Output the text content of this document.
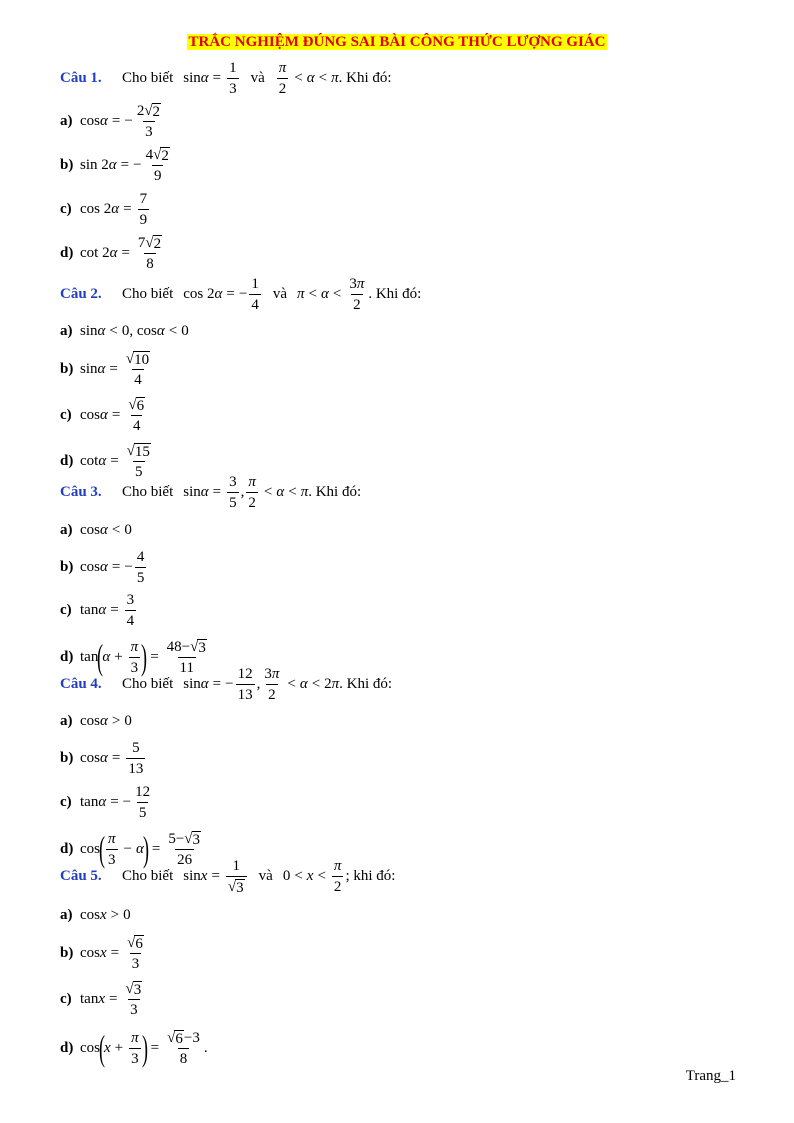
TRẮC NGHIỆM ĐÚNG SAI BÀI CÔNG THỨC LƯỢNG GIÁC
Câu 1.	Cho biết $\sin \alpha = \frac{1}{3}$ và $\frac{\pi}{2} < \alpha < \pi$ . Khi đó:
a) cos α = − $\frac{2 √ 2}{3}$
b) sin 2 α = − $\frac{4 √ 2}{9}$
c) cos 2 $\alpha = \frac{7}{9}$
d) cot 2 $\alpha = \frac{7 √ 2}{8}$
Câu 2.	Cho biết cos 2 α = − $\frac{1}{4}$ và $\pi < \alpha < \frac{3\pi}{2}$ . Khi đó:
a) sin α < 0, cos α < 0
b) $\sin \alpha = \frac{√ 10}{4}$
c) $\cos \alpha = \frac{√ 6}{4}$
d) $\cot \alpha = \frac{√ 15}{5}$
Câu 3.	Cho biết $\sin \alpha = \frac{3}{5}$ , $\frac{\pi}{2} < \alpha < \pi$ . Khi đó:
a) cos α < 0
b) cos α = − $\frac{4}{5}$
c) $\tan \alpha = \frac{3}{4}$
d) tan ( $\alpha + \frac{\pi}{3}$ ) = $\frac{48- √ 3}{11}$
Câu 4.	Cho biết sin α = − $\frac{12}{13}$ , $\frac{3\pi}{2} < \alpha < 2$ π . Khi đó:
a) cos α > 0
b) $\cos \alpha = \frac{5}{13}$
c) tan α = − $\frac{12}{5}$
d) cos ( $\frac{\pi}{3} - \alpha$ ) = $\frac{5- √ 3}{26}$
Câu 5.	Cho biết $\sin x = \frac{1}{√ 3}$ và $0 < x < \frac{\pi}{2}$ ; khi đó:
a) cos x > 0
b) $\cos x = \frac{√ 6}{3}$
c) $\tan x = \frac{√ 3}{3}$
d) cos ( $x + \frac{\pi}{3}$ ) = $\frac{√ 6 -3}{8}$ .
Trang_1
